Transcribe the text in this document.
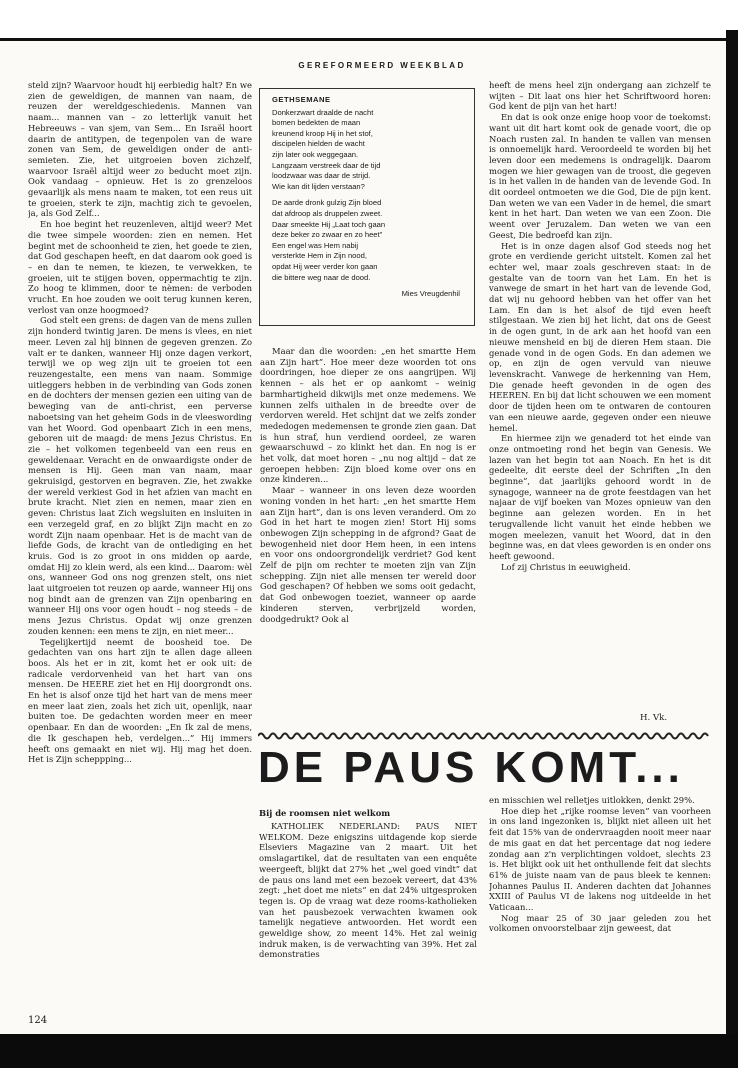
GEREFORMEERD WEEKBLAD

steld zijn? Waarvoor houdt hij eerbiedig halt? En we zien de geweldigen, de mannen van naam, de reuzen der wereldgeschiedenis. Mannen van naam... mannen van – zo letterlijk vanuit het Hebreeuws – van sjem, van Sem... En Israël hoort daarin de antitypen, de tegenpolen van de ware zonen van Sem, de geweldigen onder de anti-semieten. Zie, het uitgroeien boven zichzelf, waarvoor Israël altijd weer zo beducht moet zijn. Ook vandaag – opnieuw. Het is zo grenzeloos gevaarlijk als mens naam te maken, tot een reus uit te groeien, sterk te zijn, machtig zich te gevoelen, ja, als God Zelf...

En hoe begint het reuzenleven, altijd weer? Met die twee simpele woorden: zien en nemen. Het begint met de schoonheid te zien, het goede te zien, dat God geschapen heeft, en dat daarom ook goed is – en dan te nemen, te kiezen, te verwekken, te groeien, uit te stijgen boven, oppermachtig te zijn. Zo hoog te klimmen, door te nèmen: de verboden vrucht. En hoe zouden we ooit terug kunnen keren, verlost van onze hoogmoed?

God stelt een grens: de dagen van de mens zullen zijn honderd twintig jaren. De mens is vlees, en niet meer. Leven zal hij binnen de gegeven grenzen. Zo valt er te danken, wanneer Hij onze dagen verkort, terwijl we op weg zijn uit te groeien tot een reuzengestalte, een mens van naam. Sommige uitleggers hebben in de verbinding van Gods zonen en de dochters der mensen gezien een uiting van de beweging van de anti-christ, een perverse naboetsing van het geheim Gods in de vleeswording van het Woord. God openbaart Zich in een mens, geboren uit de maagd: de mens Jezus Christus. En zie – het volkomen tegenbeeld van een reus en geweldenaar. Veracht en de onwaardigste onder de mensen is Hij. Geen man van naam, maar gekruisigd, gestorven en begraven. Zie, het zwakke der wereld verkiest God in het afzien van macht en brute kracht. Niet zien en nemen, maar zien en geven: Christus laat Zich wegsluiten en insluiten in een verzegeld graf, en zo blijkt Zijn macht en zo wordt Zijn naam openbaar. Het is de macht van de liefde Gods, de kracht van de ontlediging en het kruis. God is zo groot in ons midden op aarde, omdat Hij zo klein werd, als een kind... Daarom: wèl ons, wanneer God ons nog grenzen stelt, ons niet laat uitgroeien tot reuzen op aarde, wanneer Hij ons nog bindt aan de grenzen van Zijn openbaring en wanneer Hij ons voor ogen houdt – nog steeds – de mens Jezus Christus. Opdat wij onze grenzen zouden kennen: een mens te zijn, en niet meer...

Tegelijkertijd neemt de boosheid toe. De gedachten van ons hart zijn te allen dage alleen boos. Als het er in zit, komt het er ook uit: de radicale verdorvenheid van het hart van ons mensen. De HEERE ziet het en Hij doorgrondt ons. En het is alsof onze tijd het hart van de mens meer en meer laat zien, zoals het zich uit, openlijk, naar buiten toe. De gedachten worden meer en meer openbaar. En dan de woorden: „En Ik zal de mens, die Ik geschapen heb, verdelgen...” Hij immers heeft ons gemaakt en niet wij. Hij mag het doen. Het is Zijn scheppping...

GETHSEMANE
Donkerzwart draalde de nacht
bomen bedekten de maan
kreunend kroop Hij in het stof,
discipelen hielden de wacht
zijn later ook weggegaan.
Langzaam verstreek daar de tijd
loodzwaar was daar de strijd.
Wie kan dit lijden verstaan?
De aarde dronk gulzig Zijn bloed
dat afdroop als druppelen zweet.
Daar smeekte Hij „Laat toch gaan
deze beker zo zwaar en zo heet”
Een engel was Hem nabij
versterkte Hem in Zijn nood,
opdat Hij weer verder kon gaan
die bittere weg naar de dood.
Mies Vreugdenhil

Maar dan die woorden: „en het smartte Hem aan Zijn hart”. Hoe meer deze woorden tot ons doordringen, hoe dieper ze ons aangrijpen. Wij kennen – als het er op aankomt – weinig barmhartigheid dikwijls met onze medemens. We kunnen zelfs uithalen in de breedte over de verdorven wereld. Het schijnt dat we zelfs zonder mededogen medemensen te gronde zien gaan. Dat is hun straf, hun verdiend oordeel, ze waren gewaarschuwd – zo klinkt het dan. En nog is er het volk, dat moet horen – „nu nog altijd – dat ze geroepen hebben: Zijn bloed kome over ons en onze kinderen...

Maar – wanneer in ons leven deze woorden woning vonden in het hart: „en het smartte Hem aan Zijn hart”, dan is ons leven veranderd. Om zo God in het hart te mogen zien! Stort Hij soms onbewogen Zijn schepping in de afgrond? Gaat de bewogenheid niet door Hem heen, in een intens en voor ons ondoorgrondelijk verdriet? God kent Zelf de pijn om rechter te moeten zijn van Zijn schepping. Zijn niet alle mensen ter wereld door God geschapen? Of hebben we soms ooit gedacht, dat God onbewogen toeziet, wanneer op aarde kinderen sterven, verbrijzeld worden, doodgedrukt? Ook al

heeft de mens heel zijn ondergang aan zichzelf te wijten – Dit laat ons hier het Schriftwoord horen: God kent de pijn van het hart!

En dat is ook onze enige hoop voor de toekomst: want uit dit hart komt ook de genade voort, die op Noach rusten zal. In handen te vallen van mensen is onnoemelijk hard. Veroordeeld te worden bij het leven door een medemens is ondragelijk. Daarom mogen we hier gewagen van de troost, die gegeven is in het vallen in de handen van de levende God. In dit oordeel ontmoeten we die God, Die de pijn kent. Dan weten we van een Vader in de hemel, die smart kent in het hart. Dan weten we van een Zoon. Die weent over Jeruzalem. Dan weten we van een Geest, Die bedroefd kan zijn.

Het is in onze dagen alsof God steeds nog het grote en verdiende gericht uitstelt. Komen zal het echter wel, maar zoals geschreven staat: in de gestalte van de toorn van het Lam. En het is vanwege de smart in het hart van de levende God, dat wij nu gehoord hebben van het offer van het Lam. En dan is het alsof de tijd even heeft stilgestaan. We zien bij het licht, dat ons de Geest in de ogen gunt, in de ark aan het hoofd van een nieuwe mensheid en bij de dieren Hem staan. Die genade vond in de ogen Gods. En dan ademen we op, en zijn de ogen vervuld van nieuwe levenskracht. Vanwege de herkenning van Hem, Die genade heeft gevonden in de ogen des HEEREN. En bij dat licht schouwen we een moment door de tijden heen om te ontwaren de contouren van een nieuwe aarde, gegeven onder een nieuwe hemel.

En hiermee zijn we genaderd tot het einde van onze ontmoeting rond het begin van Genesis. We lazen van het begin tot aan Noach. En het is dit gedeelte, dit eerste deel der Schriften „In den beginne”, dat jaarlijks gehoord wordt in de synagoge, wanneer na de grote feestdagen van het najaar de vijf boeken van Mozes opnieuw van den beginne aan gelezen worden. En in het terugvallende licht vanuit het einde hebben we mogen meelezen, vanuit het Woord, dat in den beginne was, en dat vlees geworden is en onder ons heeft gewoond.

Lof zij Christus in eeuwigheid.

H. Vk.
DE PAUS KOMT...
Bij de roomsen niet welkom

KATHOLIEK NEDERLAND: PAUS NIET WELKOM. Deze enigszins uitdagende kop sierde Elseviers Magazine van 2 maart. Uit het omslagartikel, dat de resultaten van een enquête weergeeft, blijkt dat 27% het „wel goed vindt” dat de paus ons land met een bezoek vereert, dat 43% zegt: „het doet me niets” en dat 24% uitgesproken tegen is. Op de vraag wat deze rooms-katholieken van het pausbezoek verwachten kwamen ook tamelijk negatieve antwoorden. Het wordt een geweldige show, zo meent 14%. Het zal weinig indruk maken, is de verwachting van 39%. Het zal demonstraties

en misschien wel relletjes uitlokken, denkt 29%.

Hoe diep het „rijke roomse leven” van voorheen in ons land ingezonken is, blijkt niet alleen uit het feit dat 15% van de ondervraagden nooit meer naar de mis gaat en dat het percentage dat nog iedere zondag aan z'n verplichtingen voldoet, slechts 23 is. Het blijkt ook uit het onthullende feit dat slechts 61% de juiste naam van de paus bleek te kennen: Johannes Paulus II. Anderen dachten dat Johannes XXIII of Paulus VI de lakens nog uitdeelde in het Vaticaan...

Nog maar 25 of 30 jaar geleden zou het volkomen onvoorstelbaar zijn geweest, dat

124
